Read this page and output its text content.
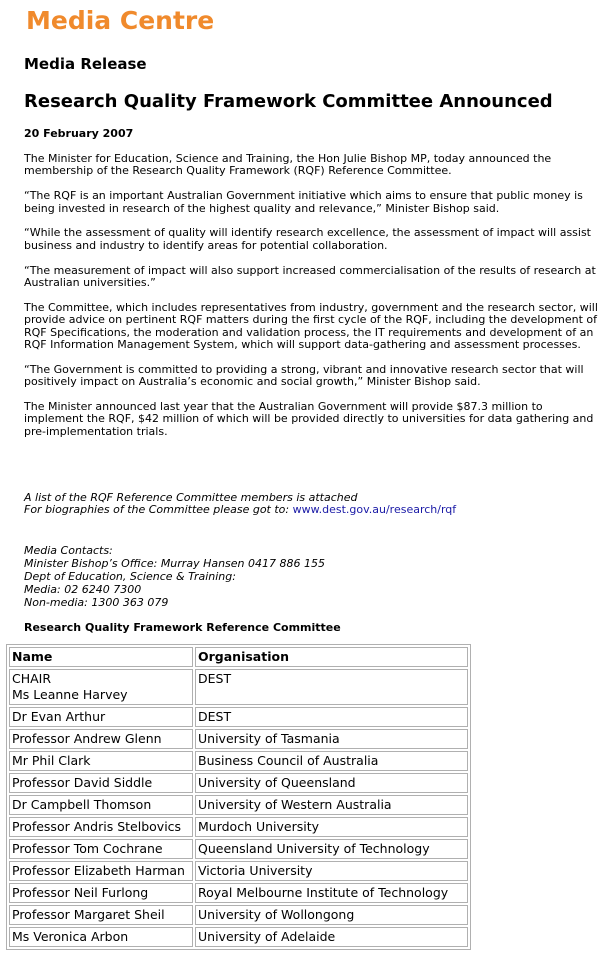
Media Centre
Media Release
Research Quality Framework Committee Announced
20 February 2007

The Minister for Education, Science and Training, the Hon Julie Bishop MP, today announced the membership of the Research Quality Framework (RQF) Reference Committee.

“The RQF is an important Australian Government initiative which aims to ensure that public money is being invested in research of the highest quality and relevance,” Minister Bishop said.

“While the assessment of quality will identify research excellence, the assessment of impact will assist business and industry to identify areas for potential collaboration.

“The measurement of impact will also support increased commercialisation of the results of research at Australian universities.”

The Committee, which includes representatives from industry, government and the research sector, will provide advice on pertinent RQF matters during the first cycle of the RQF, including the development of RQF Specifications, the moderation and validation process, the IT requirements and development of an RQF Information Management System, which will support data-gathering and assessment processes.

“The Government is committed to providing a strong, vibrant and innovative research sector that will positively impact on Australia’s economic and social growth,” Minister Bishop said.

The Minister announced last year that the Australian Government will provide $87.3 million to implement the RQF, $42 million of which will be provided directly to universities for data gathering and pre-implementation trials.

A list of the RQF Reference Committee members is attached
For biographies of the Committee please got to: www.dest.gov.au/research/rqf
Media Contacts:
Minister Bishop’s Office: Murray Hansen 0417 886 155
Dept of Education, Science & Training:
Media: 02 6240 7300
Non-media: 1300 363 079
Research Quality Framework Reference Committee
Name	Organisation

CHAIR
Ms Leanne Harvey	DEST
Dr Evan Arthur	DEST
Professor Andrew Glenn	University of Tasmania
Mr Phil Clark	Business Council of Australia
Professor David Siddle	University of Queensland
Dr Campbell Thomson	University of Western Australia
Professor Andris Stelbovics	Murdoch University
Professor Tom Cochrane	Queensland University of Technology
Professor Elizabeth Harman	Victoria University
Professor Neil Furlong	Royal Melbourne Institute of Technology
Professor Margaret Sheil	University of Wollongong
Ms Veronica Arbon	University of Adelaide
